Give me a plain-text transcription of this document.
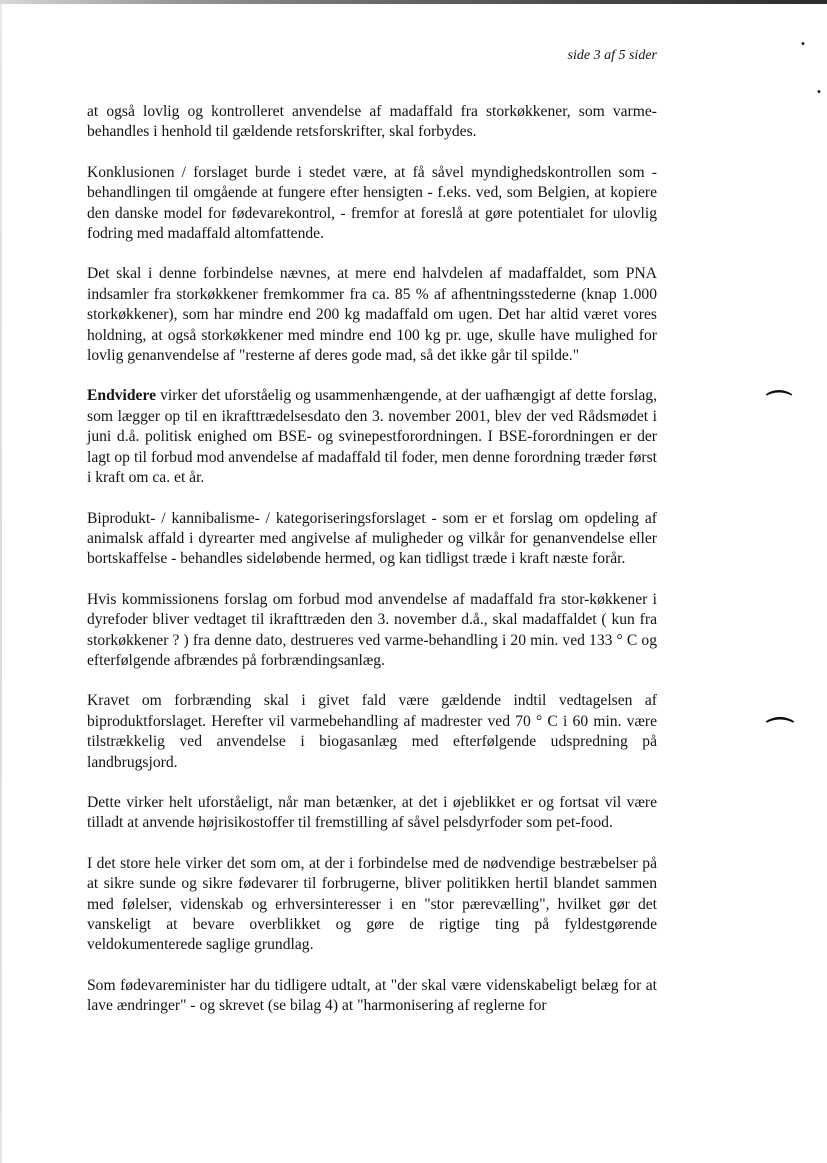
side 3 af 5 sider

at også lovlig og kontrolleret anvendelse af madaffald fra storkøkkener, som varme-behandles i henhold til gældende retsforskrifter, skal forbydes.

Konklusionen / forslaget burde i stedet være, at få såvel myndighedskontrollen som -behandlingen til omgående at fungere efter hensigten - f.eks. ved, som Belgien, at kopiere den danske model for fødevarekontrol, - fremfor at foreslå at gøre potentialet for ulovlig fodring med madaffald altomfattende.

Det skal i denne forbindelse nævnes, at mere end halvdelen af madaffaldet, som PNA indsamler fra storkøkkener fremkommer fra ca. 85 % af afhentningsstederne (knap 1.000 storkøkkener), som har mindre end 200 kg madaffald om ugen. Det har altid været vores holdning, at også storkøkkener med mindre end 100 kg pr. uge, skulle have mulighed for lovlig genanvendelse af "resterne af deres gode mad, så det ikke går til spilde."

Endvidere virker det uforståelig og usammenhængende, at der uafhængigt af dette forslag, som lægger op til en ikrafttrædelsesdato den 3. november 2001, blev der ved Rådsmødet i juni d.å. politisk enighed om BSE- og svinepestforordningen. I BSE-forordningen er der lagt op til forbud mod anvendelse af madaffald til foder, men denne forordning træder først i kraft om ca. et år.

Biprodukt- / kannibalisme- / kategoriseringsforslaget - som er et forslag om opdeling af animalsk affald i dyrearter med angivelse af muligheder og vilkår for genanvendelse eller bortskaffelse - behandles sideløbende hermed, og kan tidligst træde i kraft næste forår.

Hvis kommissionens forslag om forbud mod anvendelse af madaffald fra stor-køkkener i dyrefoder bliver vedtaget til ikrafttræden den 3. november d.å., skal madaffaldet ( kun fra storkøkkener ? ) fra denne dato, destrueres ved varme-behandling i 20 min. ved 133 ° C og efterfølgende afbrændes på forbrændingsanlæg.

Kravet om forbrænding skal i givet fald være gældende indtil vedtagelsen af biproduktforslaget. Herefter vil varmebehandling af madrester ved 70 ° C i 60 min. være tilstrækkelig ved anvendelse i biogasanlæg med efterfølgende udspredning på landbrugsjord.

Dette virker helt uforståeligt, når man betænker, at det i øjeblikket er og fortsat vil være tilladt at anvende højrisikostoffer til fremstilling af såvel pelsdyrfoder som pet-food.

I det store hele virker det som om, at der i forbindelse med de nødvendige bestræbelser på at sikre sunde og sikre fødevarer til forbrugerne, bliver politikken hertil blandet sammen med følelser, videnskab og erhversinteresser i en "stor pærevælling", hvilket gør det vanskeligt at bevare overblikket og gøre de rigtige ting på fyldestgørende veldokumenterede saglige grundlag.

Som fødevareminister har du tidligere udtalt, at "der skal være videnskabeligt belæg for at lave ændringer" - og skrevet (se bilag 4) at "harmonisering af reglerne for

⌒
⌒
•
•
